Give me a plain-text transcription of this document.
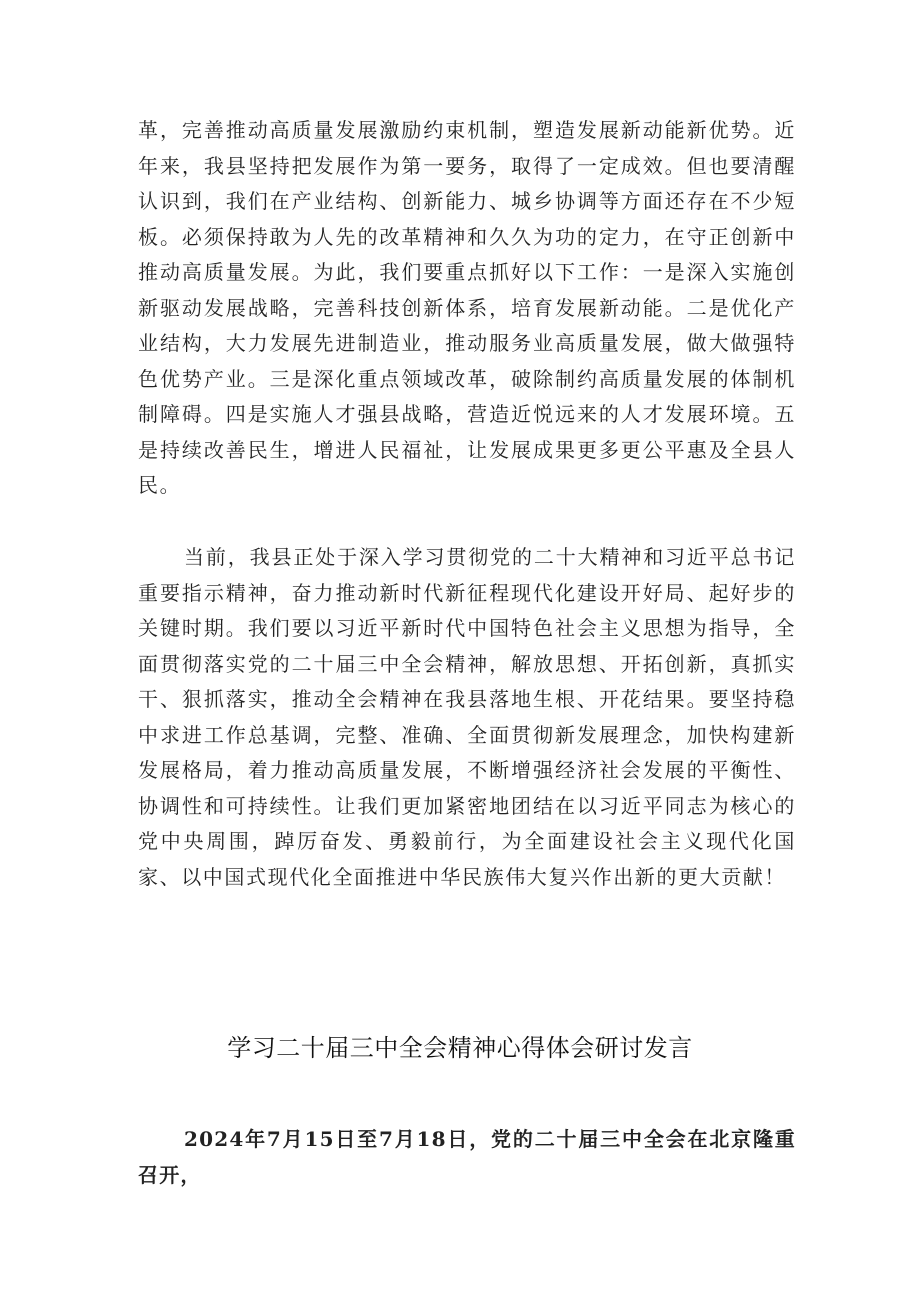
革，完善推动高质量发展激励约束机制，塑造发展新动能新优势。近年来，我县坚持把发展作为第一要务，取得了一定成效。但也要清醒认识到，我们在产业结构、创新能力、城乡协调等方面还存在不少短板。必须保持敢为人先的改革精神和久久为功的定力，在守正创新中推动高质量发展。为此，我们要重点抓好以下工作：一是深入实施创新驱动发展战略，完善科技创新体系，培育发展新动能。二是优化产业结构，大力发展先进制造业，推动服务业高质量发展，做大做强特色优势产业。三是深化重点领域改革，破除制约高质量发展的体制机制障碍。四是实施人才强县战略，营造近悦远来的人才发展环境。五是持续改善民生，增进人民福祉，让发展成果更多更公平惠及全县人民。

当前，我县正处于深入学习贯彻党的二十大精神和习近平总书记重要指示精神，奋力推动新时代新征程现代化建设开好局、起好步的关键时期。我们要以习近平新时代中国特色社会主义思想为指导，全面贯彻落实党的二十届三中全会精神，解放思想、开拓创新，真抓实干、狠抓落实，推动全会精神在我县落地生根、开花结果。要坚持稳中求进工作总基调，完整、准确、全面贯彻新发展理念，加快构建新发展格局，着力推动高质量发展，不断增强经济社会发展的平衡性、协调性和可持续性。让我们更加紧密地团结在以习近平同志为核心的党中央周围，踔厉奋发、勇毅前行，为全面建设社会主义现代化国家、以中国式现代化全面推进中华民族伟大复兴作出新的更大贡献！

学习二十届三中全会精神心得体会研讨发言

2024年7月15日至7月18日，党的二十届三中全会在北京隆重召开，
